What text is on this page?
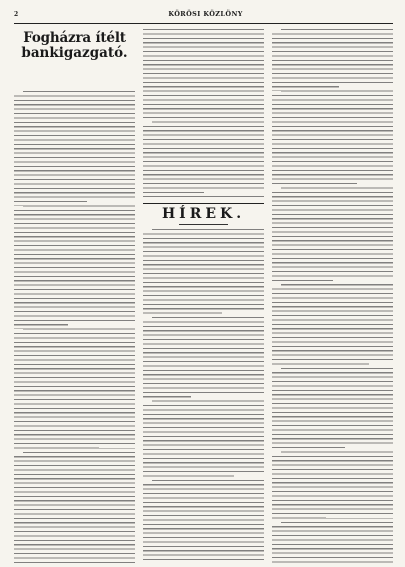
2	KÖRÖSI KÖZLÖNY
Fogházra ítélt
bankigazgató.
HÍREK.
